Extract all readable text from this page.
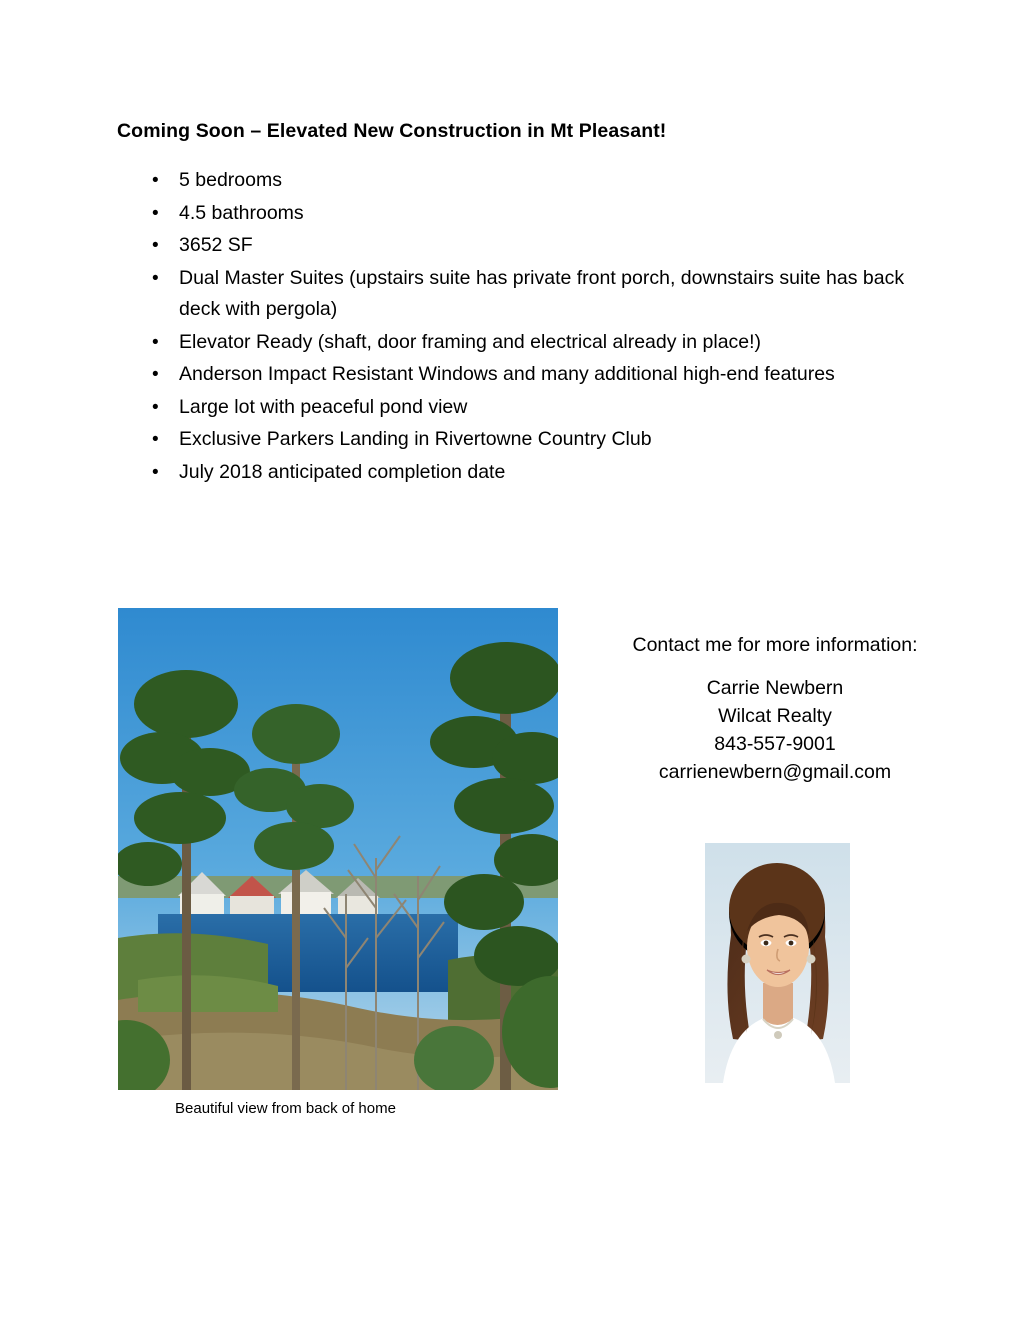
Coming Soon – Elevated New Construction in Mt Pleasant!
• 5 bedrooms
• 4.5 bathrooms
• 3652 SF
• Dual Master Suites (upstairs suite has private front porch, downstairs suite has back deck with pergola)
• Elevator Ready (shaft, door framing and electrical already in place!)
• Anderson Impact Resistant Windows and many additional high-end features
• Large lot with peaceful pond view
• Exclusive Parkers Landing in Rivertowne Country Club
• July 2018 anticipated completion date
Beautiful view from back of home
Contact me for more information:
Carrie Newbern
Wilcat Realty
843-557-9001
carrienewbern@gmail.com
